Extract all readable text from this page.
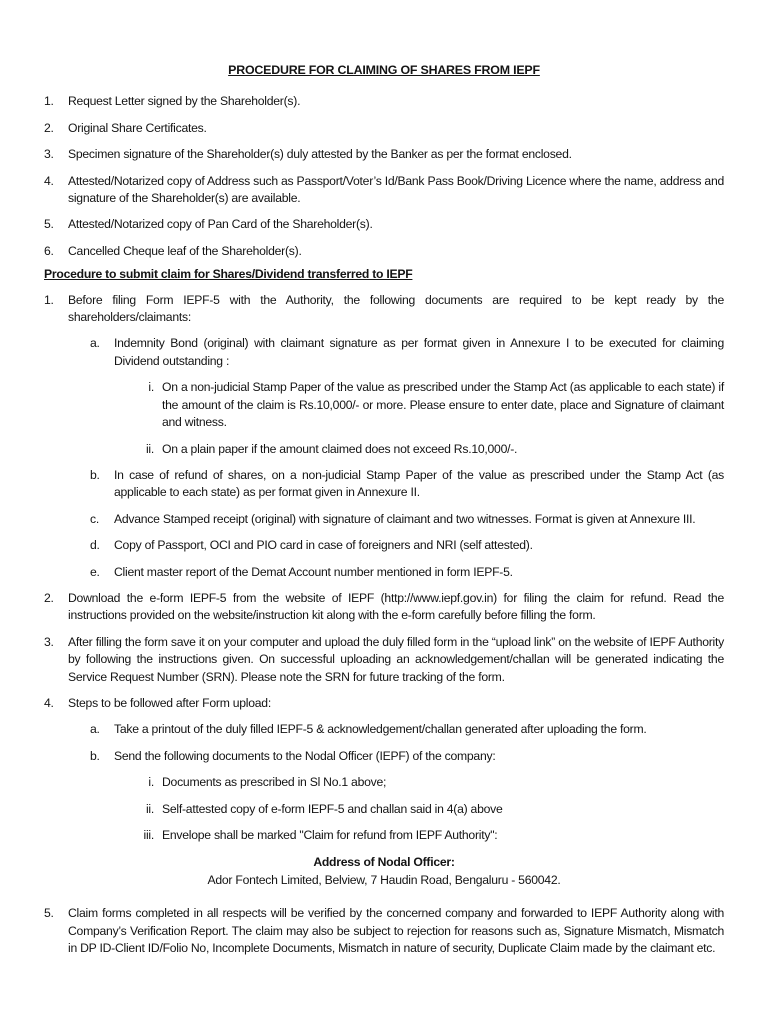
PROCEDURE FOR CLAIMING OF SHARES FROM IEPF
1. Request Letter signed by the Shareholder(s).
2. Original Share Certificates.
3. Specimen signature of the Shareholder(s) duly attested by the Banker as per the format enclosed.
4. Attested/Notarized copy of Address such as Passport/Voter’s Id/Bank Pass Book/Driving Licence where the name, address and signature of the Shareholder(s) are available.
5. Attested/Notarized copy of Pan Card of the Shareholder(s).
6. Cancelled Cheque leaf of the Shareholder(s).
Procedure to submit claim for Shares/Dividend transferred to IEPF
1. Before filing Form IEPF-5 with the Authority, the following documents are required to be kept ready by the shareholders/claimants:
a. Indemnity Bond (original) with claimant signature as per format given in Annexure I to be executed for claiming Dividend outstanding :
i. On a non-judicial Stamp Paper of the value as prescribed under the Stamp Act (as applicable to each state) if the amount of the claim is Rs.10,000/- or more. Please ensure to enter date, place and Signature of claimant and witness.
ii. On a plain paper if the amount claimed does not exceed Rs.10,000/-.
b. In case of refund of shares, on a non-judicial Stamp Paper of the value as prescribed under the Stamp Act (as applicable to each state) as per format given in Annexure II.
c. Advance Stamped receipt (original) with signature of claimant and two witnesses. Format is given at Annexure III.
d. Copy of Passport, OCI and PIO card in case of foreigners and NRI (self attested).
e. Client master report of the Demat Account number mentioned in form IEPF-5.
2. Download the e-form IEPF-5 from the website of IEPF (http://www.iepf.gov.in) for filing the claim for refund. Read the instructions provided on the website/instruction kit along with the e-form carefully before filling the form.
3. After filling the form save it on your computer and upload the duly filled form in the “upload link” on the website of IEPF Authority by following the instructions given. On successful uploading an acknowledgement/challan will be generated indicating the Service Request Number (SRN). Please note the SRN for future tracking of the form.
4. Steps to be followed after Form upload:
a. Take a printout of the duly filled IEPF-5 & acknowledgement/challan generated after uploading the form.
b. Send the following documents to the Nodal Officer (IEPF) of the company:
i. Documents as prescribed in Sl No.1 above;
ii. Self-attested copy of e-form IEPF-5 and challan said in 4(a) above
iii. Envelope shall be marked "Claim for refund from IEPF Authority":
Address of Nodal Officer:
Ador Fontech Limited, Belview, 7 Haudin Road, Bengaluru - 560042.
5. Claim forms completed in all respects will be verified by the concerned company and forwarded to IEPF Authority along with Company’s Verification Report. The claim may also be subject to rejection for reasons such as, Signature Mismatch, Mismatch in DP ID-Client ID/Folio No, Incomplete Documents, Mismatch in nature of security, Duplicate Claim made by the claimant etc.
